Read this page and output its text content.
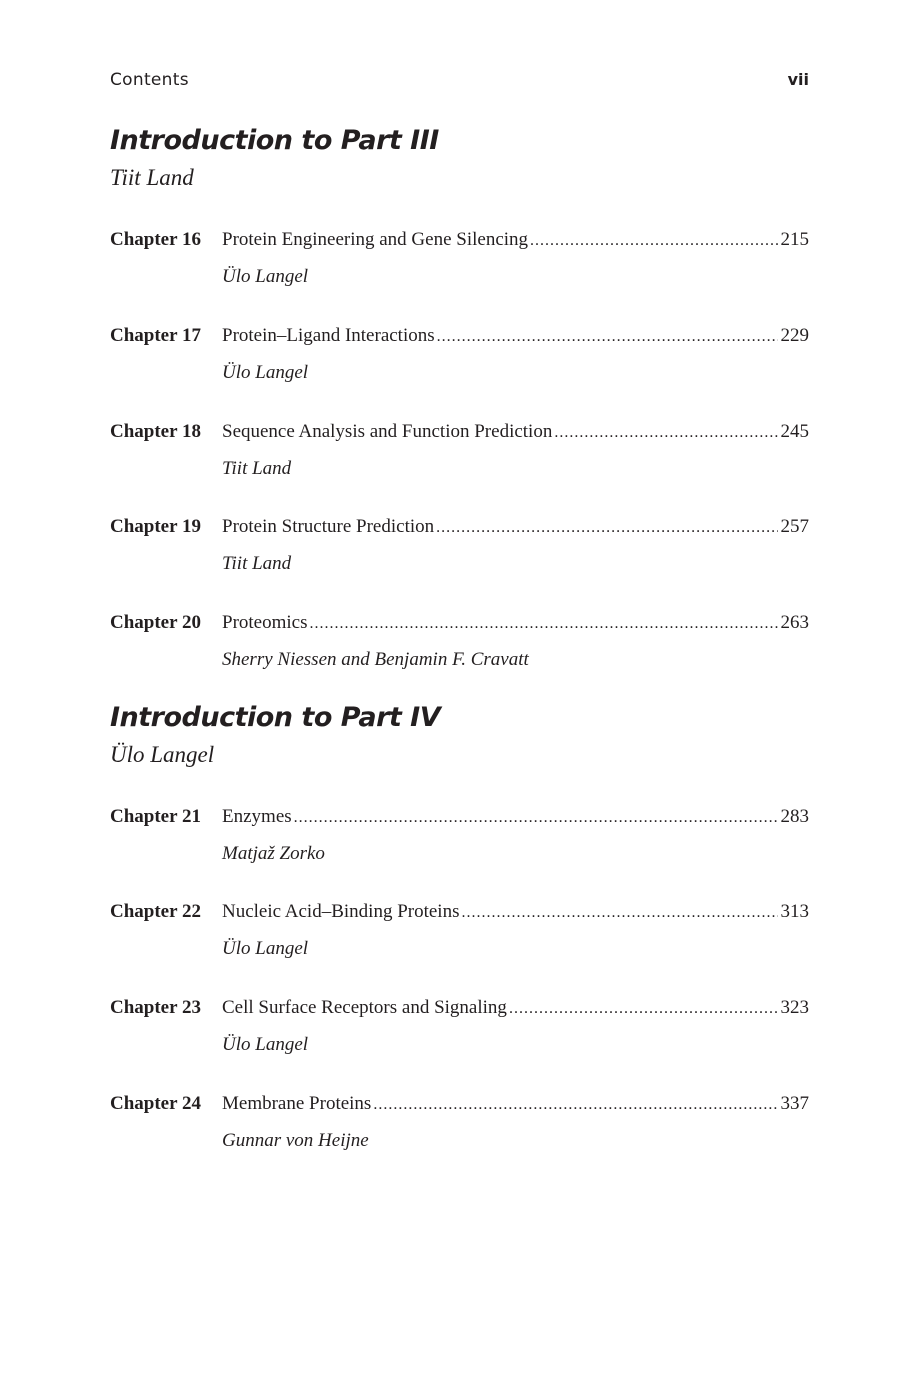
Contents	vii
Introduction to Part III
Tiit Land
Chapter 16 Protein Engineering and Gene Silencing .....	215
Ülo Langel
Chapter 17 Protein–Ligand Interactions .....	229
Ülo Langel
Chapter 18 Sequence Analysis and Function Prediction .....	245
Tiit Land
Chapter 19 Protein Structure Prediction .....	257
Tiit Land
Chapter 20 Proteomics .....	263
Sherry Niessen and Benjamin F. Cravatt
Introduction to Part IV
Ülo Langel
Chapter 21 Enzymes .....	283
Matjaž Zorko
Chapter 22 Nucleic Acid–Binding Proteins .....	313
Ülo Langel
Chapter 23 Cell Surface Receptors and Signaling .....	323
Ülo Langel
Chapter 24 Membrane Proteins .....	337
Gunnar von Heijne
